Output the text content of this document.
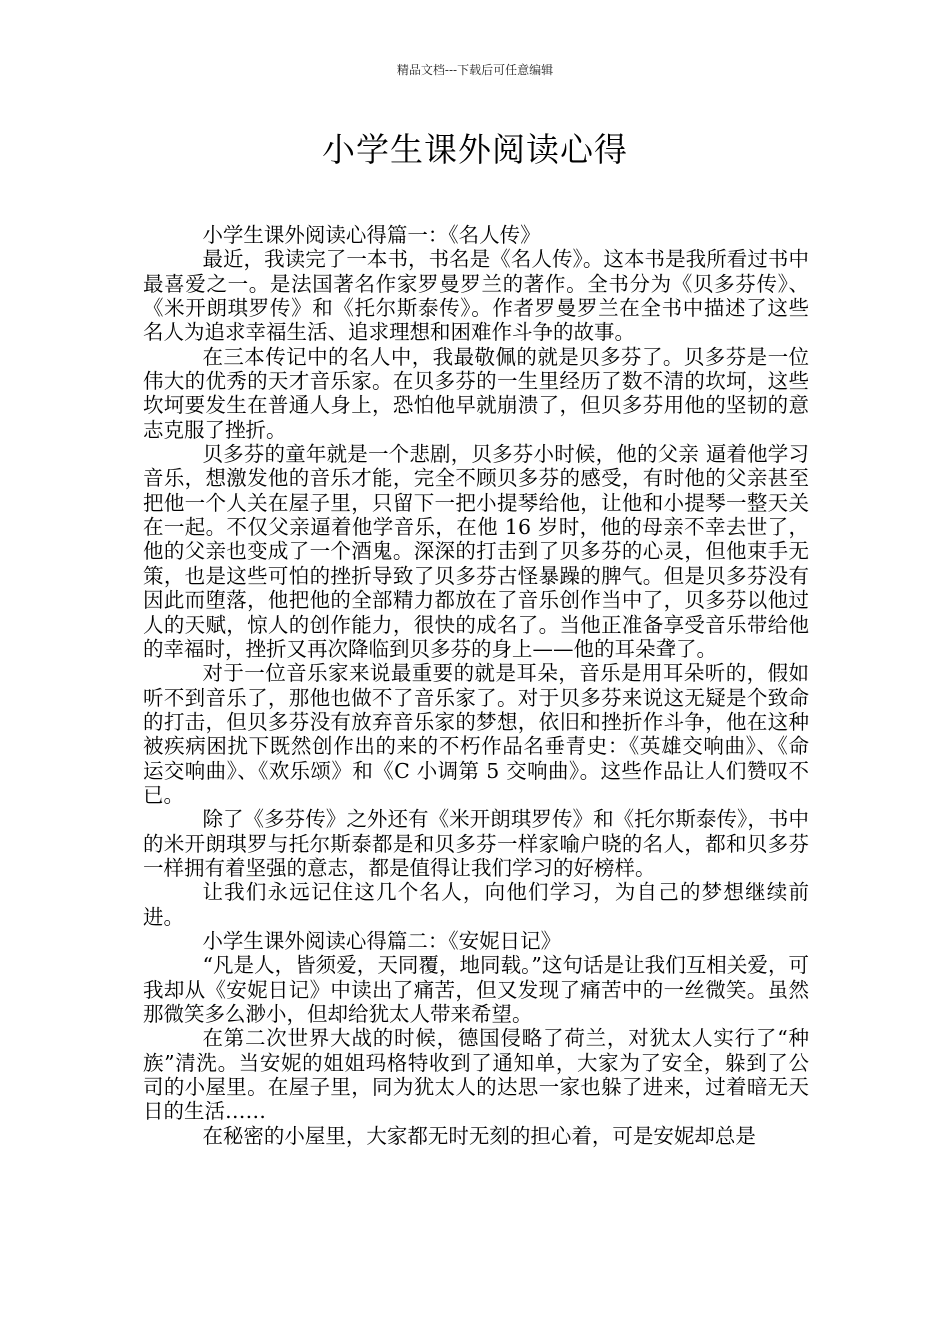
精品文档---下载后可任意编辑
小学生课外阅读心得

小学生课外阅读心得篇一：《名人传》

最近，我读完了一本书，书名是《名人传》。这本书是我所看过书中最喜爱之一。是法国著名作家罗曼罗兰的著作。全书分为《贝多芬传》、《米开朗琪罗传》和《托尔斯泰传》。作者罗曼罗兰在全书中描述了这些名人为追求幸福生活、追求理想和困难作斗争的故事。

在三本传记中的名人中，我最敬佩的就是贝多芬了。贝多芬是一位伟大的优秀的天才音乐家。在贝多芬的一生里经历了数不清的坎坷，这些坎坷要发生在普通人身上，恐怕他早就崩溃了，但贝多芬用他的坚韧的意志克服了挫折。

贝多芬的童年就是一个悲剧，贝多芬小时候，他的父亲 逼着他学习音乐，想激发他的音乐才能，完全不顾贝多芬的感受，有时他的父亲甚至把他一个人关在屋子里，只留下一把小提琴给他，让他和小提琴一整天关在一起。不仅父亲逼着他学音乐，在他 16 岁时，他的母亲不幸去世了，他的父亲也变成了一个酒鬼。深深的打击到了贝多芬的心灵，但他束手无策，也是这些可怕的挫折导致了贝多芬古怪暴躁的脾气。但是贝多芬没有因此而堕落，他把他的全部精力都放在了音乐创作当中了，贝多芬以他过人的天赋，惊人的创作能力，很快的成名了。当他正准备享受音乐带给他的幸福时，挫折又再次降临到贝多芬的身上——他的耳朵聋了。

对于一位音乐家来说最重要的就是耳朵，音乐是用耳朵听的，假如听不到音乐了，那他也做不了音乐家了。对于贝多芬来说这无疑是个致命的打击，但贝多芬没有放弃音乐家的梦想，依旧和挫折作斗争，他在这种被疾病困扰下既然创作出的来的不朽作品名垂青史：《英雄交响曲》、《命运交响曲》、《欢乐颂》和《C 小调第 5 交响曲》。这些作品让人们赞叹不已。

除了《多芬传》之外还有《米开朗琪罗传》和《托尔斯泰传》，书中的米开朗琪罗与托尔斯泰都是和贝多芬一样家喻户晓的名人，都和贝多芬一样拥有着坚强的意志，都是值得让我们学习的好榜样。

让我们永远记住这几个名人，向他们学习，为自己的梦想继续前进。

小学生课外阅读心得篇二：《安妮日记》

“凡是人，皆须爱，天同覆，地同载。”这句话是让我们互相关爱，可我却从《安妮日记》中读出了痛苦，但又发现了痛苦中的一丝微笑。虽然那微笑多么渺小，但却给犹太人带来希望。

在第二次世界大战的时候，德国侵略了荷兰，对犹太人实行了“种族”清洗。当安妮的姐姐玛格特收到了通知单，大家为了安全，躲到了公司的小屋里。在屋子里，同为犹太人的达思一家也躲了进来，过着暗无天日的生活……

在秘密的小屋里，大家都无时无刻的担心着，可是安妮却总是
